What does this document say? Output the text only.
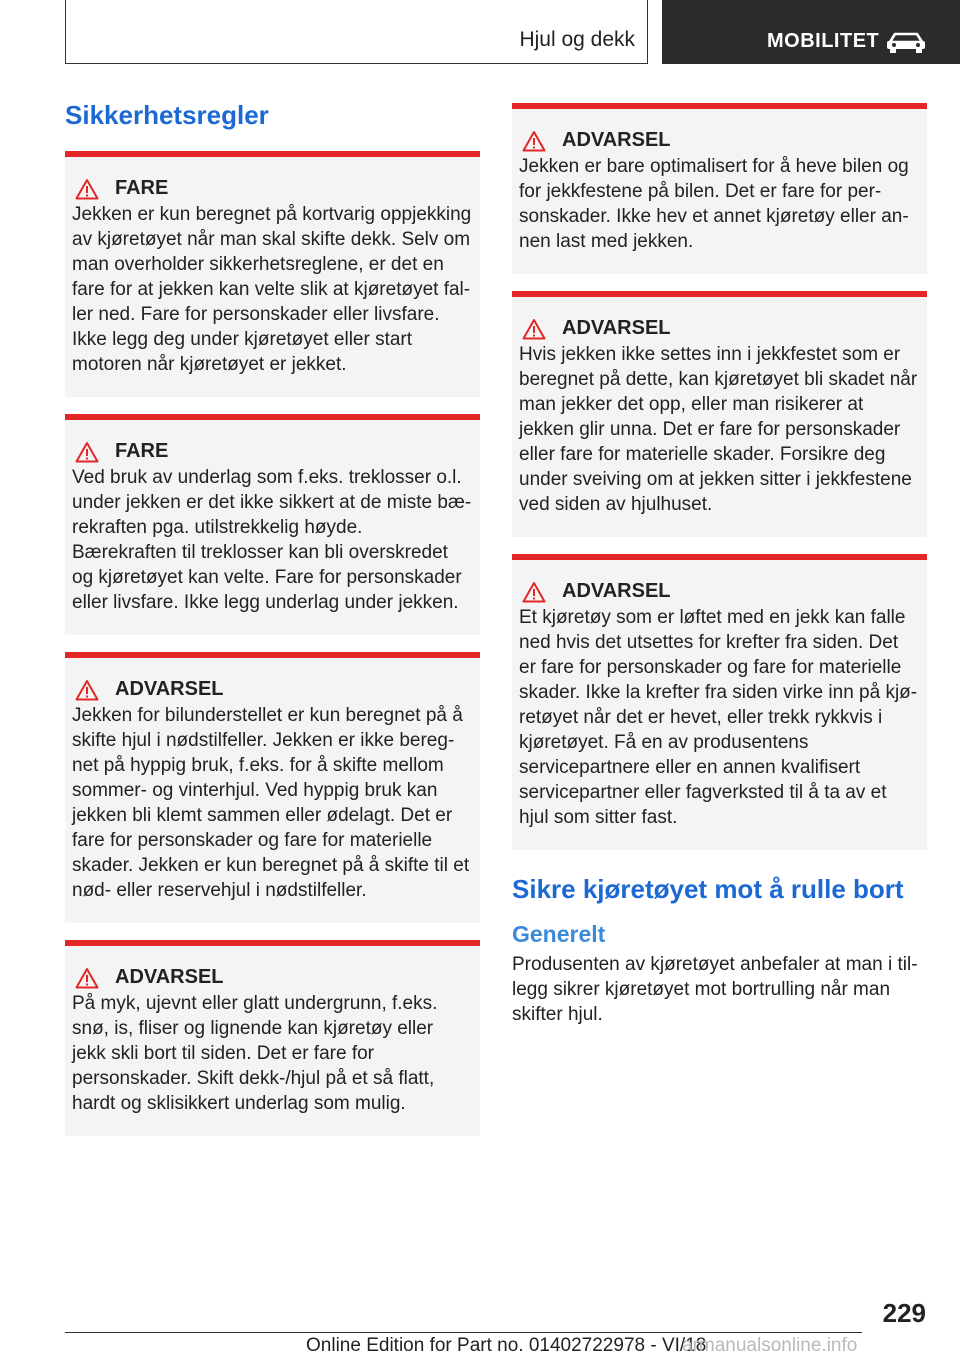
Hjul og dekk	MOBILITET
Sikkerhetsregler
FARE

Jekken er kun beregnet på kortvarig oppjekking av kjøretøyet når man skal skifte dekk. Selv om man overholder sikkerhetsreglene, er det en fare for at jekken kan velte slik at kjøretøyet faller ned. Fare for personskader eller livsfare. Ikke legg deg under kjøretøyet eller start motoren når kjøretøyet er jekket.

FARE

Ved bruk av underlag som f.eks. treklosser o.l. under jekken er det ikke sikkert at de miste bærekraften pga. utilstrekkelig høyde. Bærekraften til treklosser kan bli overskredet og kjøretøyet kan velte. Fare for personskader eller livsfare. Ikke legg underlag under jekken.

ADVARSEL

Jekken for bilunderstellet er kun beregnet på å skifte hjul i nødstilfeller. Jekken er ikke beregnet på hyppig bruk, f.eks. for å skifte mellom sommer- og vinterhjul. Ved hyppig bruk kan jekken bli klemt sammen eller ødelagt. Det er fare for personskader og fare for materielle skader. Jekken er kun beregnet på å skifte til et nød- eller reservehjul i nødstilfeller.

ADVARSEL

På myk, ujevnt eller glatt undergrunn, f.eks. snø, is, fliser og lignende kan kjøretøy eller jekk skli bort til siden. Det er fare for personskader. Skift dekk-/hjul på et så flatt, hardt og sklisikkert underlag som mulig.

ADVARSEL

Jekken er bare optimalisert for å heve bilen og for jekkfestene på bilen. Det er fare for personskader. Ikke hev et annet kjøretøy eller annen last med jekken.

ADVARSEL

Hvis jekken ikke settes inn i jekkfestet som er beregnet på dette, kan kjøretøyet bli skadet når man jekker det opp, eller man risikerer at jekken glir unna. Det er fare for personskader eller fare for materielle skader. Forsikre deg under sveiving om at jekken sitter i jekkfestene ved siden av hjulhuset.

ADVARSEL

Et kjøretøy som er løftet med en jekk kan falle ned hvis det utsettes for krefter fra siden. Det er fare for personskader og fare for materielle skader. Ikke la krefter fra siden virke inn på kjøretøyet når det er hevet, eller trekk rykkvis i kjøretøyet. Få en av produsentens servicepartnere eller en annen kvalifisert servicepartner eller fagverksted til å ta av et hjul som sitter fast.

Sikre kjøretøyet mot å rulle bort
Generelt

Produsenten av kjøretøyet anbefaler at man i tillegg sikrer kjøretøyet mot bortrulling når man skifter hjul.

229
Online Edition for Part no. 01402722978 - VI/18
armanualsonline.info
